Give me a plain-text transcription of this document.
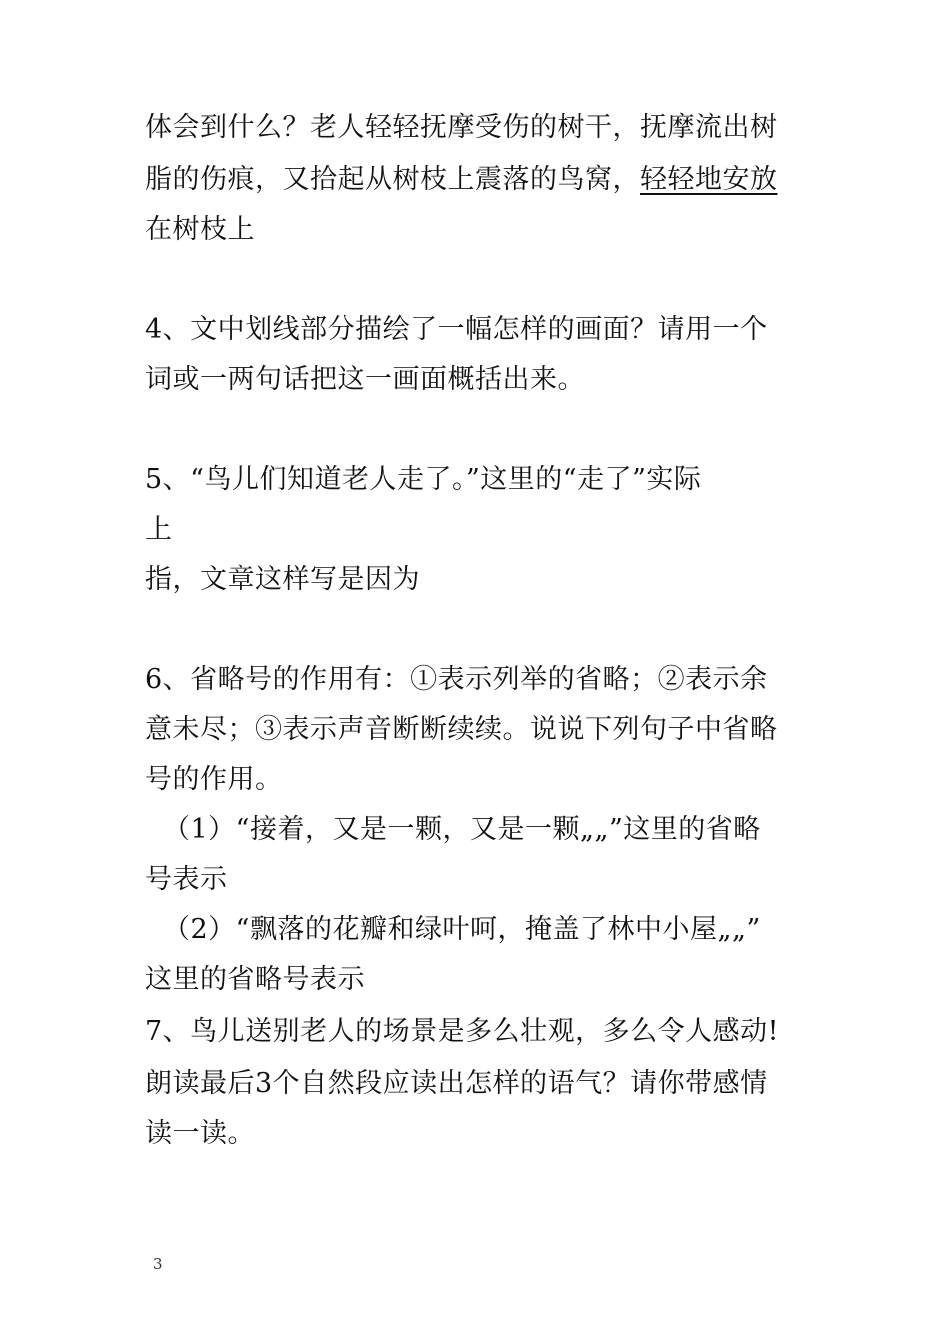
体会到什么？老人轻轻抚摩受伤的树干，抚摩流出树
脂的伤痕，又拾起从树枝上震落的鸟窝，轻轻地安放
在树枝上
4、文中划线部分描绘了一幅怎样的画面？请用一个
词或一两句话把这一画面概括出来。
5、“鸟儿们知道老人走了。”这里的“走了”实际
上
指，文章这样写是因为
6、省略号的作用有：①表示列举的省略；②表示余
意未尽；③表示声音断断续续。说说下列句子中省略
号的作用。
（1）“接着，又是一颗，又是一颗„„”这里的省略
号表示
（2）“飘落的花瓣和绿叶呵，掩盖了林中小屋„„”
这里的省略号表示
7、鸟儿送别老人的场景是多么壮观，多么令人感动!
朗读最后3个自然段应读出怎样的语气？请你带感情
读一读。
3
